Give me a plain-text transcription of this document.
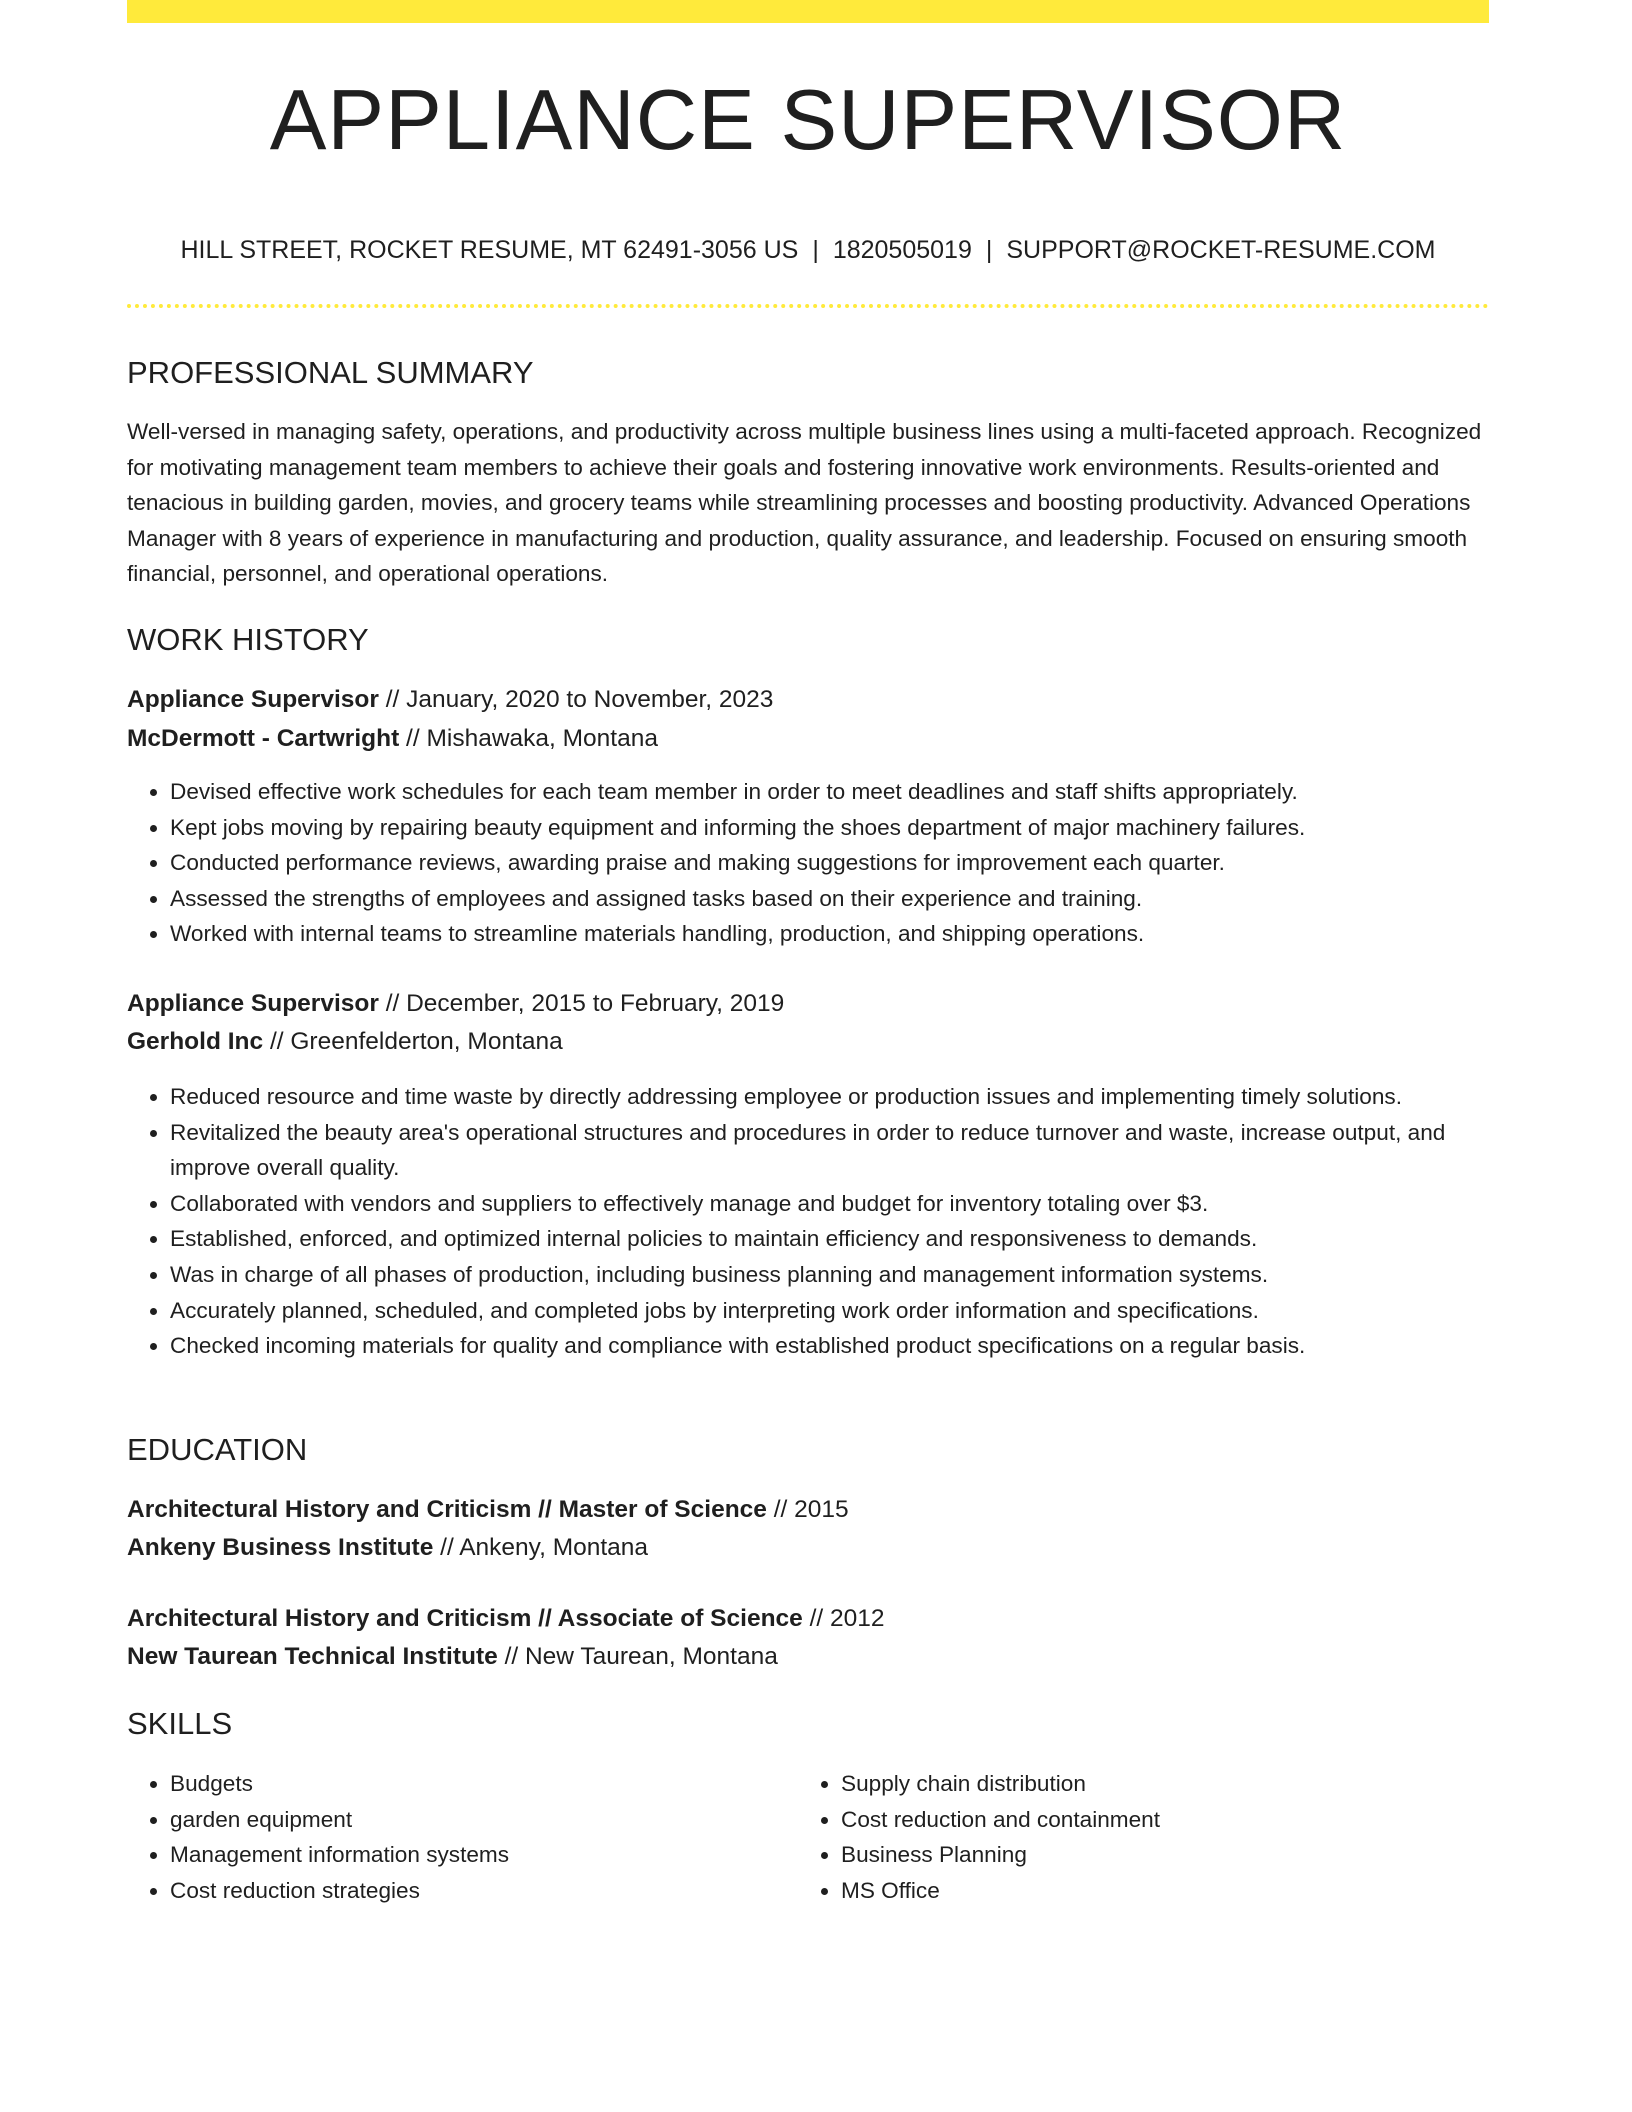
APPLIANCE SUPERVISOR
HILL STREET, ROCKET RESUME, MT 62491-3056 US | 1820505019 | SUPPORT@ROCKET-RESUME.COM
PROFESSIONAL SUMMARY
Well-versed in managing safety, operations, and productivity across multiple business lines using a multi-faceted approach. Recognized for motivating management team members to achieve their goals and fostering innovative work environments. Results-oriented and tenacious in building garden, movies, and grocery teams while streamlining processes and boosting productivity. Advanced Operations Manager with 8 years of experience in manufacturing and production, quality assurance, and leadership. Focused on ensuring smooth financial, personnel, and operational operations.
WORK HISTORY
Appliance Supervisor // January, 2020 to November, 2023
McDermott - Cartwright // Mishawaka, Montana
• Devised effective work schedules for each team member in order to meet deadlines and staff shifts appropriately.
• Kept jobs moving by repairing beauty equipment and informing the shoes department of major machinery failures.
• Conducted performance reviews, awarding praise and making suggestions for improvement each quarter.
• Assessed the strengths of employees and assigned tasks based on their experience and training.
• Worked with internal teams to streamline materials handling, production, and shipping operations.
Appliance Supervisor // December, 2015 to February, 2019
Gerhold Inc // Greenfelderton, Montana
• Reduced resource and time waste by directly addressing employee or production issues and implementing timely solutions.
• Revitalized the beauty area's operational structures and procedures in order to reduce turnover and waste, increase output, and improve overall quality.
• Collaborated with vendors and suppliers to effectively manage and budget for inventory totaling over $3.
• Established, enforced, and optimized internal policies to maintain efficiency and responsiveness to demands.
• Was in charge of all phases of production, including business planning and management information systems.
• Accurately planned, scheduled, and completed jobs by interpreting work order information and specifications.
• Checked incoming materials for quality and compliance with established product specifications on a regular basis.
EDUCATION
Architectural History and Criticism // Master of Science // 2015
Ankeny Business Institute // Ankeny, Montana
Architectural History and Criticism // Associate of Science // 2012
New Taurean Technical Institute // New Taurean, Montana
SKILLS
• Budgets
• garden equipment
• Management information systems
• Cost reduction strategies
• Supply chain distribution
• Cost reduction and containment
• Business Planning
• MS Office
